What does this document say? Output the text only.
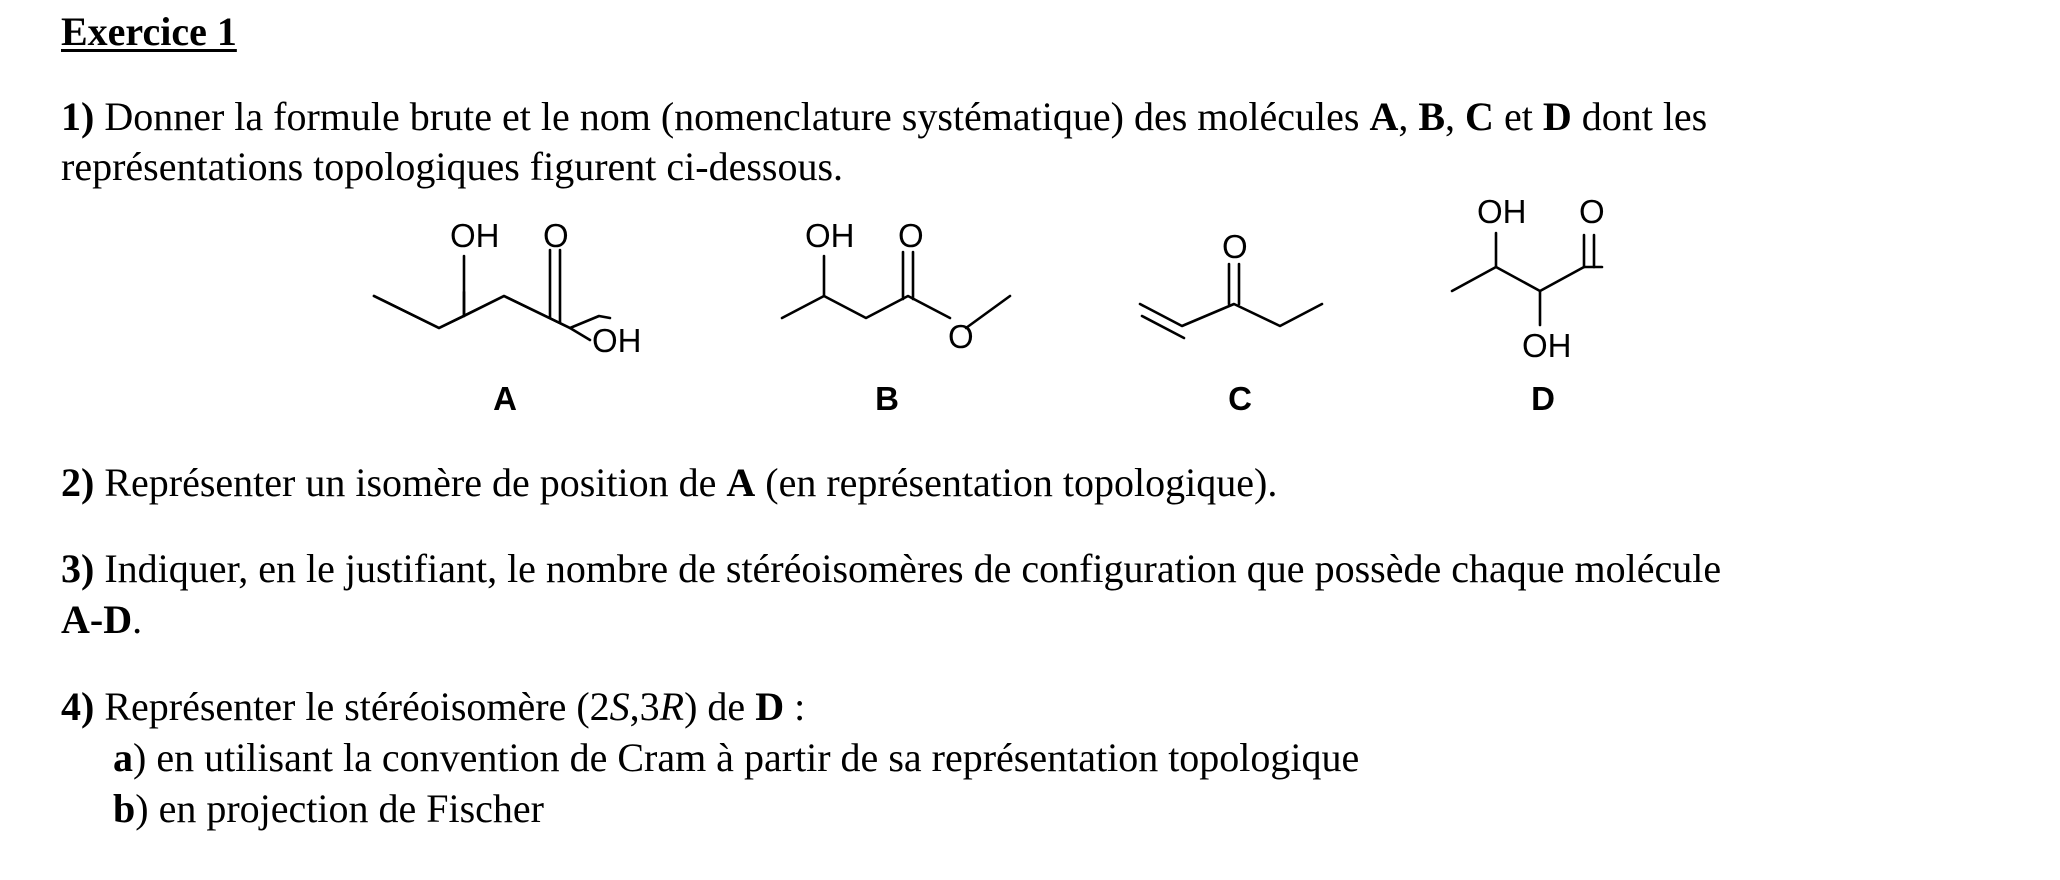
Exercice 1
1) Donner la formule brute et le nom (nomenclature systématique) des molécules A, B, C et D dont les
représentations topologiques figurent ci-dessous.
OH O
OH
A
OH O
O
B
O
C
OH O
OH
D
2) Représenter un isomère de position de A (en représentation topologique).
3) Indiquer, en le justifiant, le nombre de stéréoisomères de configuration que possède chaque molécule
A-D.
4) Représenter le stéréoisomère (2S,3R) de D :
a) en utilisant la convention de Cram à partir de sa représentation topologique
b) en projection de Fischer
